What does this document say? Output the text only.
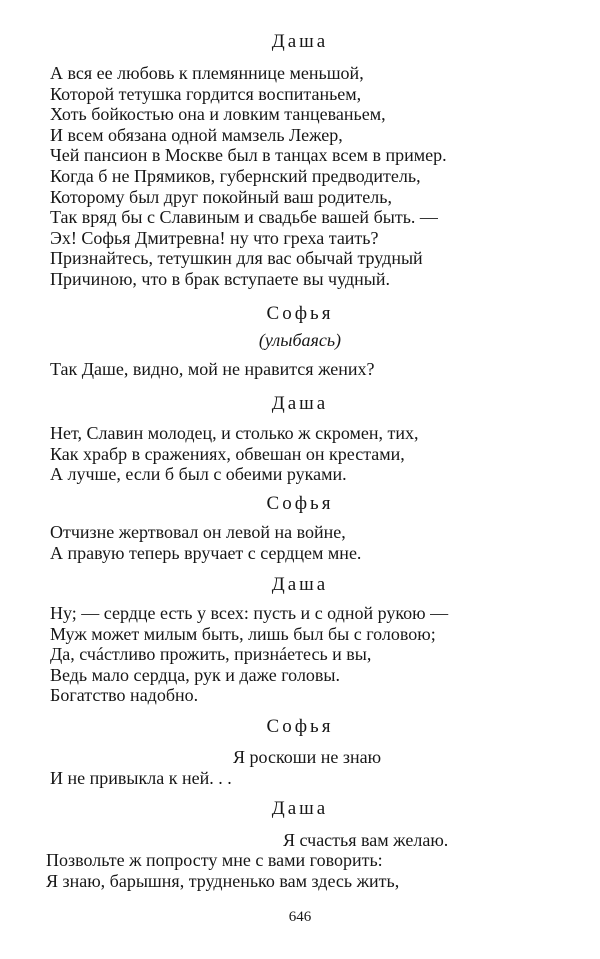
Даша
А вся ее любовь к племяннице меньшой,
Которой тетушка гордится воспитаньем,
Хоть бойкостью она и ловким танцеваньем,
И всем обязана одной мамзель Лежер,
Чей пансион в Москве был в танцах всем в пример.
Когда б не Прямиков, губернский предводитель,
Которому был друг покойный ваш родитель,
Так вряд бы с Славиным и свадьбе вашей быть. —
Эх! Софья Дмитревна! ну что греха таить?
Признайтесь, тетушкин для вас обычай трудный
Причиною, что в брак вступаете вы чудный.
Софья
(улыбаясь)
Так Даше, видно, мой не нравится жених?
Даша
Нет, Славин молодец, и столько ж скромен, тих,
Как храбр в сражениях, обвешан он крестами,
А лучше, если б был с обеими руками.
Софья
Отчизне жертвовал он левой на войне,
А правую теперь вручает с сердцем мне.
Даша
Ну; — сердце есть у всех: пусть и с одной рукою —
Муж может милым быть, лишь был бы с головою;
Да, счáстливо прожить, признáетесь и вы,
Ведь мало сердца, рук и даже головы.
Богатство надобно.
Софья
Я роскоши не знаю
И не привыкла к ней. . .
Даша
Я счастья вам желаю.
Позвольте ж попросту мне с вами говорить:
Я знаю, барышня, трудненько вам здесь жить,
646
